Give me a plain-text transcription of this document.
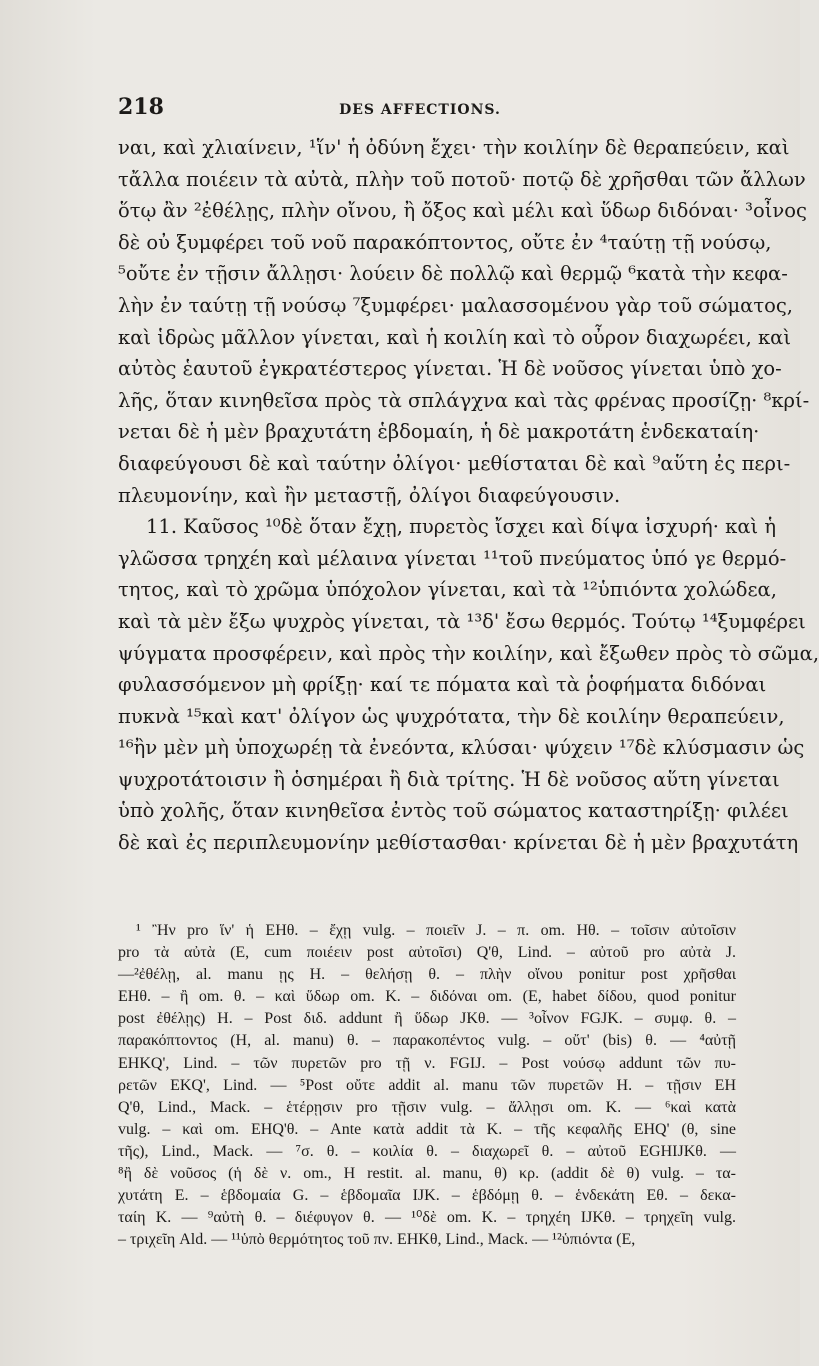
218	DES AFFECTIONS.
ναι, καὶ χλιαίνειν, ¹ἵν' ἡ ὀδύνη ἔχει· τὴν κοιλίην δὲ θεραπεύειν, καὶ
τἄλλα ποιέειν τὰ αὐτὰ, πλὴν τοῦ ποτοῦ· ποτῷ δὲ χρῆσθαι τῶν ἄλλων
ὅτῳ ἂν ²ἐθέλῃς, πλὴν οἴνου, ἢ ὄξος καὶ μέλι καὶ ὕδωρ διδόναι· ³οἶνος
δὲ οὐ ξυμφέρει τοῦ νοῦ παρακόπτοντος, οὔτε ἐν ⁴ταύτῃ τῇ νούσῳ,
⁵οὔτε ἐν τῇσιν ἄλλῃσι· λούειν δὲ πολλῷ καὶ θερμῷ ⁶κατὰ τὴν κεφα-
λὴν ἐν ταύτῃ τῇ νούσῳ ⁷ξυμφέρει· μαλασσομένου γὰρ τοῦ σώματος,
καὶ ἱδρὼς μᾶλλον γίνεται, καὶ ἡ κοιλίη καὶ τὸ οὖρον διαχωρέει, καὶ
αὐτὸς ἑαυτοῦ ἐγκρατέστερος γίνεται. Ἡ δὲ νοῦσος γίνεται ὑπὸ χο-
λῆς, ὅταν κινηθεῖσα πρὸς τὰ σπλάγχνα καὶ τὰς φρένας προσίζῃ· ⁸κρί-
νεται δὲ ἡ μὲν βραχυτάτη ἑβδομαίη, ἡ δὲ μακροτάτη ἑνδεκαταίη·
διαφεύγουσι δὲ καὶ ταύτην ὀλίγοι· μεθίσταται δὲ καὶ ⁹αὕτη ἐς περι-
πλευμονίην, καὶ ἢν μεταστῇ, ὀλίγοι διαφεύγουσιν.
11. Καῦσος ¹⁰δὲ ὅταν ἔχῃ, πυρετὸς ἴσχει καὶ δίψα ἰσχυρή· καὶ ἡ
γλῶσσα τρηχέη καὶ μέλαινα γίνεται ¹¹τοῦ πνεύματος ὑπό γε θερμό-
τητος, καὶ τὸ χρῶμα ὑπόχολον γίνεται, καὶ τὰ ¹²ὑπιόντα χολώδεα,
καὶ τὰ μὲν ἔξω ψυχρὸς γίνεται, τὰ ¹³δ' ἔσω θερμός. Τούτῳ ¹⁴ξυμφέρει
ψύγματα προσφέρειν, καὶ πρὸς τὴν κοιλίην, καὶ ἔξωθεν πρὸς τὸ σῶμα,
φυλασσόμενον μὴ φρίξῃ· καί τε πόματα καὶ τὰ ῥοφήματα διδόναι
πυκνὰ ¹⁵καὶ κατ' ὀλίγον ὡς ψυχρότατα, τὴν δὲ κοιλίην θεραπεύειν,
¹⁶ἢν μὲν μὴ ὑποχωρέῃ τὰ ἐνεόντα, κλύσαι· ψύχειν ¹⁷δὲ κλύσμασιν ὡς
ψυχροτάτοισιν ἢ ὁσημέραι ἢ διὰ τρίτης. Ἡ δὲ νοῦσος αὕτη γίνεται
ὑπὸ χολῆς, ὅταν κινηθεῖσα ἐντὸς τοῦ σώματος καταστηρίξῃ· φιλέει
δὲ καὶ ἐς περιπλευμονίην μεθίστασθαι· κρίνεται δὲ ἡ μὲν βραχυτάτη
¹ Ἢν pro ἵν' ἡ EHθ. – ἔχῃ vulg. – ποιεῖν J. – π. om. Hθ. – τοῖσιν αὐτοῖσιν
pro τὰ αὐτὰ (E, cum ποιέειν post αὐτοῖσι) Q'θ, Lind. – αὐτοῦ pro αὐτὰ J.
—²ἐθέλῃ, al. manu ῃς H. – θελήσῃ θ. – πλὴν οἴνου ponitur post χρῆσθαι
EHθ. – ἢ om. θ. – καὶ ὕδωρ om. K. – διδόναι om. (E, habet δίδου, quod ponitur
post ἐθέλῃς) H. – Post διδ. addunt ἢ ὕδωρ JKθ. — ³οἶνον FGJK. – συμφ. θ. –
παρακόπτοντος (H, al. manu) θ. – παρακοπέντος vulg. – οὔτ' (bis) θ. — ⁴αὐτῇ
EHKQ', Lind. – τῶν πυρετῶν pro τῇ ν. FGIJ. – Post νούσῳ addunt τῶν πυ-
ρετῶν EKQ', Lind. — ⁵Post οὔτε addit al. manu τῶν πυρετῶν H. – τῇσιν EH
Q'θ, Lind., Mack. – ἑτέρῃσιν pro τῇσιν vulg. – ἄλλῃσι om. K. — ⁶καὶ κατὰ
vulg. – καὶ om. EHQ'θ. – Ante κατὰ addit τὰ K. – τῆς κεφαλῆς EHQ' (θ, sine
τῆς), Lind., Mack. — ⁷σ. θ. – κοιλία θ. – διαχωρεῖ θ. – αὐτοῦ EGHIJKθ. —
⁸ἢ δὲ νοῦσος (ἡ δὲ ν. om., H restit. al. manu, θ) κρ. (addit δὲ θ) vulg. – τα-
χυτάτη E. – ἑβδομαία G. – ἑβδομαῖα IJK. – ἑβδόμῃ θ. – ἑνδεκάτη Eθ. – δεκα-
ταίη K. — ⁹αὐτὴ θ. – διέφυγον θ. — ¹⁰δὲ om. K. – τρηχέη IJKθ. – τρηχεῖη vulg.
– τριχεῖη Ald. — ¹¹ὑπὸ θερμότητος τοῦ πν. EHKθ, Lind., Mack. — ¹²ὑπιόντα (E,
